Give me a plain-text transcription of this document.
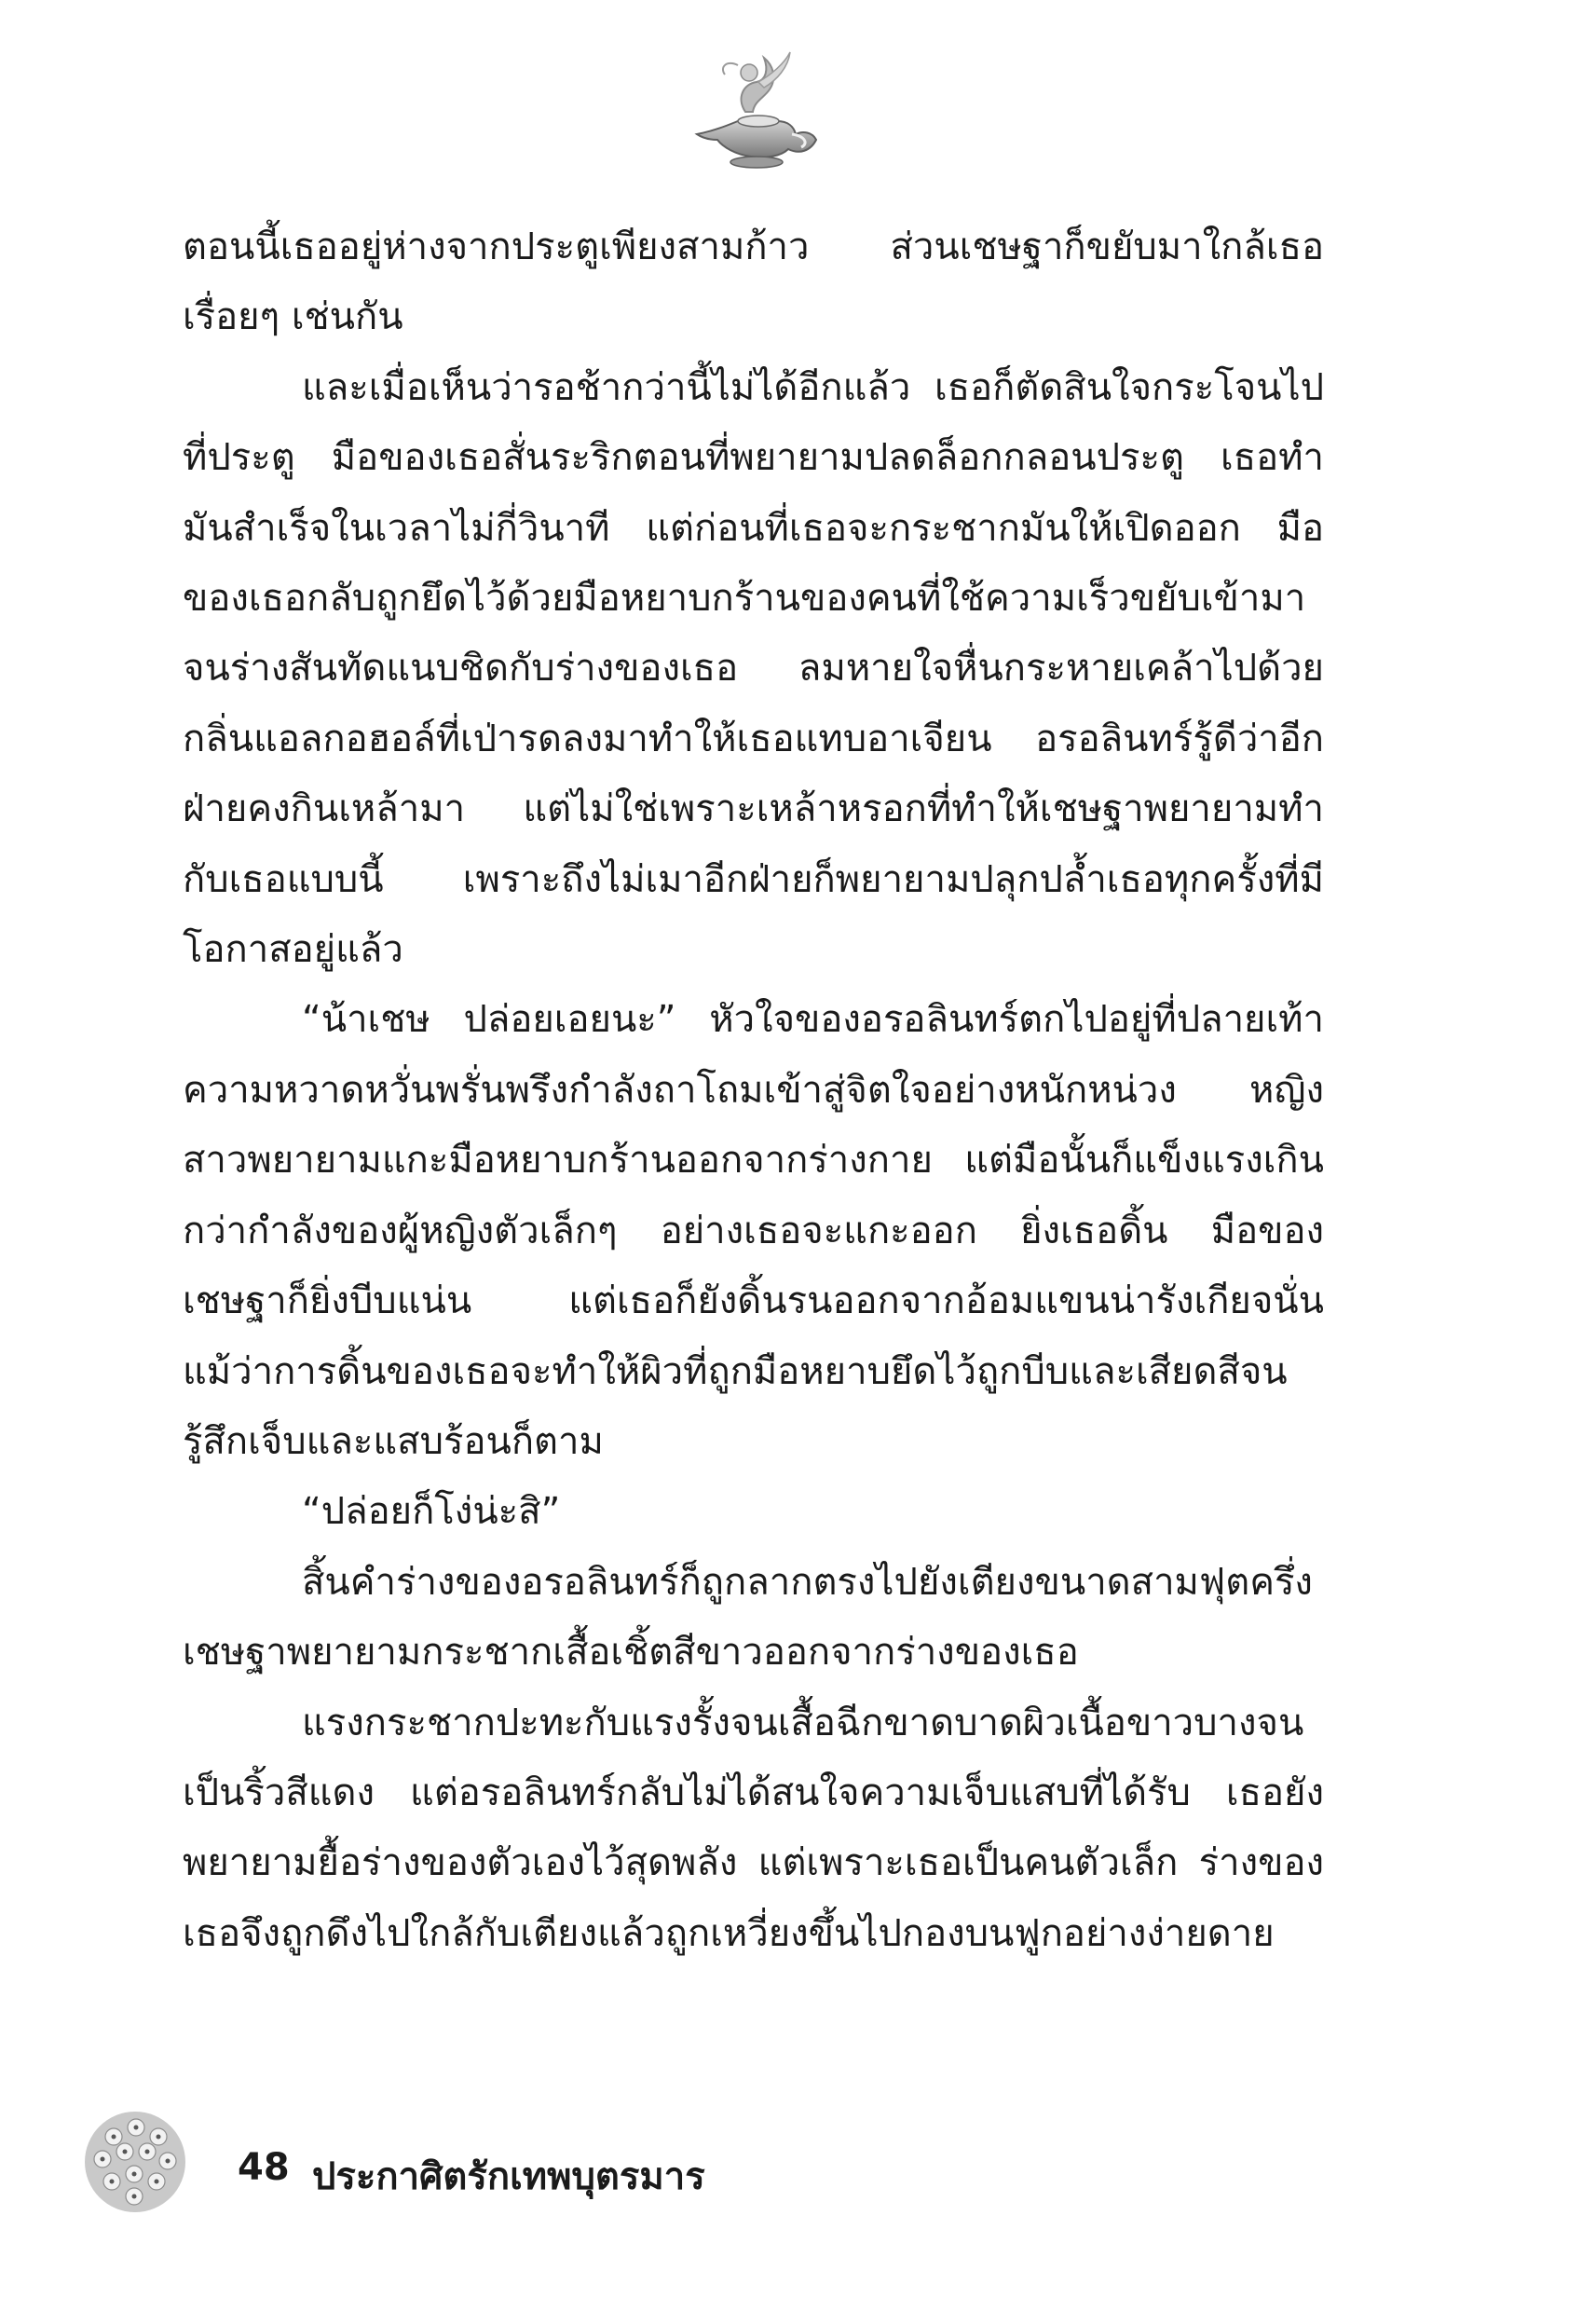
ตอนนี้เธออยู่ห่างจากประตูเพียงสามก้าว ส่วนเชษฐาก็ขยับมาใกล้เธอเรื่อยๆ เช่นกัน

และเมื่อเห็นว่ารอช้ากว่านี้ไม่ได้อีกแล้ว เธอก็ตัดสินใจกระโจนไปที่ประตู มือของเธอสั่นระริกตอนที่พยายามปลดล็อกกลอนประตู เธอทำมันสำเร็จในเวลาไม่กี่วินาที แต่ก่อนที่เธอจะกระชากมันให้เปิดออก มือของเธอกลับถูกยึดไว้ด้วยมือหยาบกร้านของคนที่ใช้ความเร็วขยับเข้ามาจนร่างสันทัดแนบชิดกับร่างของเธอ ลมหายใจหื่นกระหายเคล้าไปด้วยกลิ่นแอลกอฮอล์ที่เป่ารดลงมาทำให้เธอแทบอาเจียน อรอลินทร์รู้ดีว่าอีกฝ่ายคงกินเหล้ามา แต่ไม่ใช่เพราะเหล้าหรอกที่ทำให้เชษฐาพยายามทำกับเธอแบบนี้ เพราะถึงไม่เมาอีกฝ่ายก็พยายามปลุกปล้ำเธอทุกครั้งที่มีโอกาสอยู่แล้ว

“น้าเชษ ปล่อยเอยนะ” หัวใจของอรอลินทร์ตกไปอยู่ที่ปลายเท้า ความหวาดหวั่นพรั่นพรึงกำลังถาโถมเข้าสู่จิตใจอย่างหนักหน่วง หญิงสาวพยายามแกะมือหยาบกร้านออกจากร่างกาย แต่มือนั้นก็แข็งแรงเกินกว่ากำลังของผู้หญิงตัวเล็กๆ อย่างเธอจะแกะออก ยิ่งเธอดิ้น มือของเชษฐาก็ยิ่งบีบแน่น แต่เธอก็ยังดิ้นรนออกจากอ้อมแขนน่ารังเกียจนั่น แม้ว่าการดิ้นของเธอจะทำให้ผิวที่ถูกมือหยาบยึดไว้ถูกบีบและเสียดสีจนรู้สึกเจ็บและแสบร้อนก็ตาม

“ปล่อยก็โง่น่ะสิ”

สิ้นคำร่างของอรอลินทร์ก็ถูกลากตรงไปยังเตียงขนาดสามฟุตครึ่ง เชษฐาพยายามกระชากเสื้อเชิ้ตสีขาวออกจากร่างของเธอ

แรงกระชากปะทะกับแรงรั้งจนเสื้อฉีกขาดบาดผิวเนื้อขาวบางจนเป็นริ้วสีแดง แต่อรอลินทร์กลับไม่ได้สนใจความเจ็บแสบที่ได้รับ เธอยังพยายามยื้อร่างของตัวเองไว้สุดพลัง แต่เพราะเธอเป็นคนตัวเล็ก ร่างของเธอจึงถูกดึงไปใกล้กับเตียงแล้วถูกเหวี่ยงขึ้นไปกองบนฟูกอย่างง่ายดาย

48 ประกาศิตรักเทพบุตรมาร
